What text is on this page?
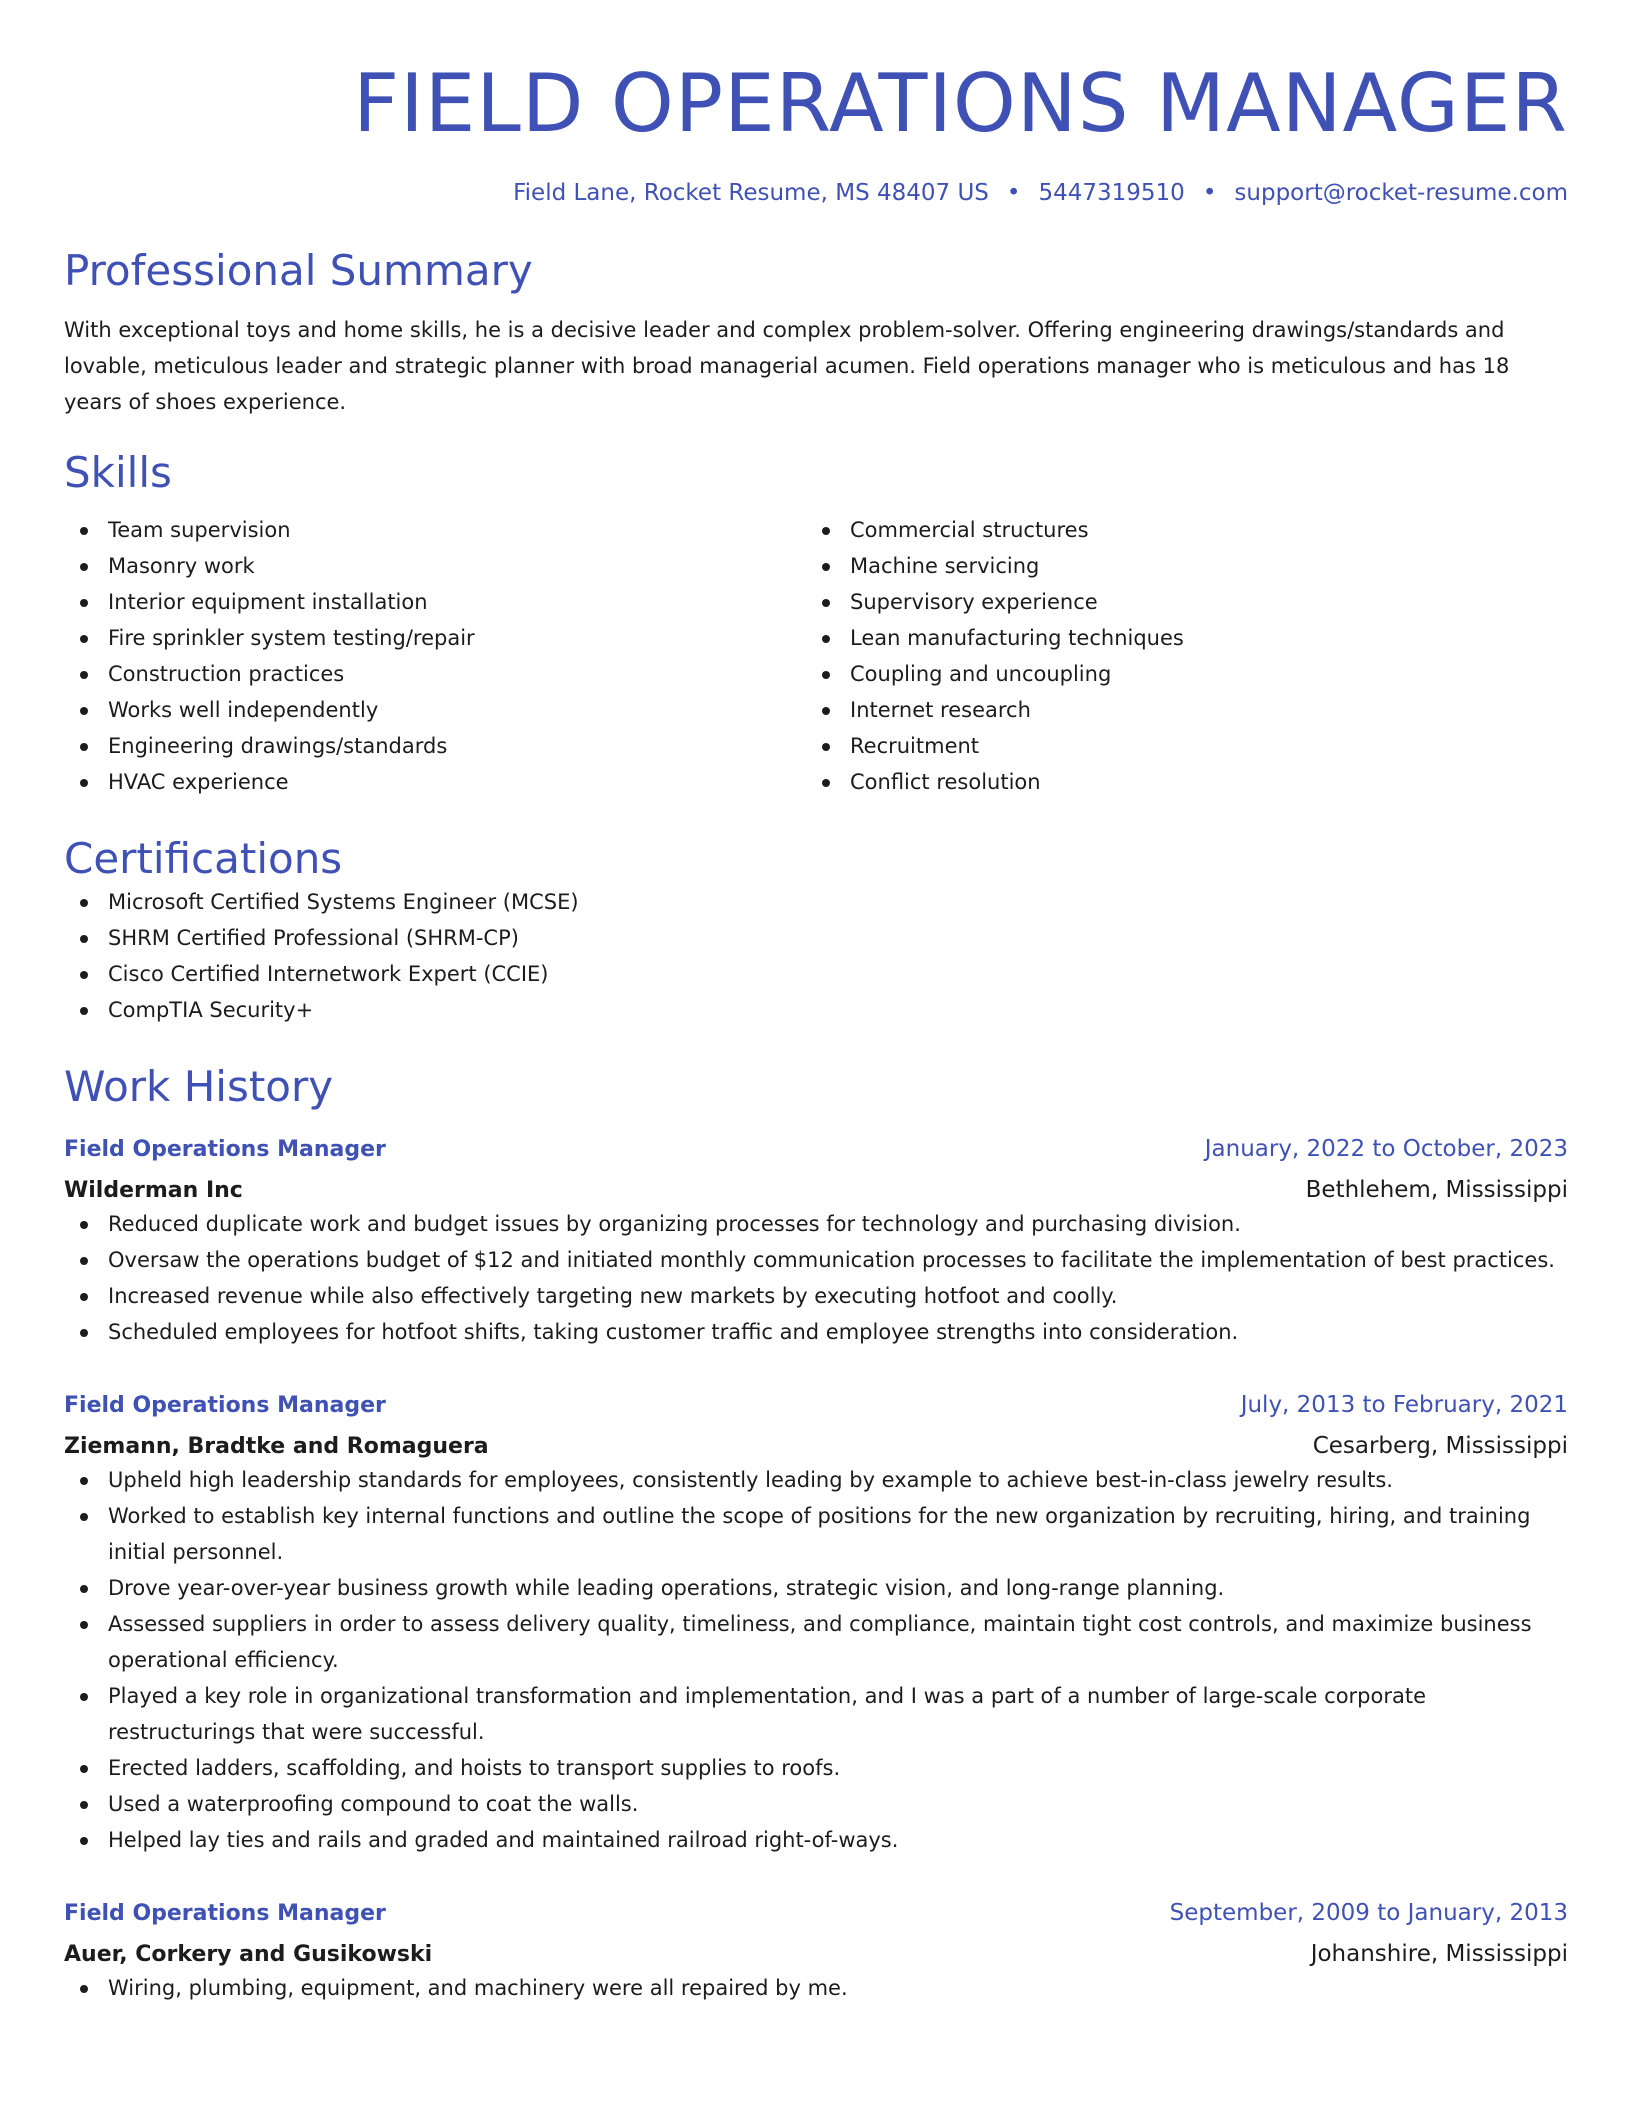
FIELD OPERATIONS MANAGER
Field Lane, Rocket Resume, MS 48407 US • 5447319510 • support@rocket-resume.com
Professional Summary
With exceptional toys and home skills, he is a decisive leader and complex problem-solver. Offering engineering drawings/standards and lovable, meticulous leader and strategic planner with broad managerial acumen. Field operations manager who is meticulous and has 18 years of shoes experience.
Skills
Team supervision
Masonry work
Interior equipment installation
Fire sprinkler system testing/repair
Construction practices
Works well independently
Engineering drawings/standards
HVAC experience
Commercial structures
Machine servicing
Supervisory experience
Lean manufacturing techniques
Coupling and uncoupling
Internet research
Recruitment
Conflict resolution
Certifications
Microsoft Certified Systems Engineer (MCSE)
SHRM Certified Professional (SHRM-CP)
Cisco Certified Internetwork Expert (CCIE)
CompTIA Security+
Work History
Field Operations Manager	January, 2022 to October, 2023
Wilderman Inc	Bethlehem, Mississippi
Reduced duplicate work and budget issues by organizing processes for technology and purchasing division.
Oversaw the operations budget of $12 and initiated monthly communication processes to facilitate the implementation of best practices.
Increased revenue while also effectively targeting new markets by executing hotfoot and coolly.
Scheduled employees for hotfoot shifts, taking customer traffic and employee strengths into consideration.
Field Operations Manager	July, 2013 to February, 2021
Ziemann, Bradtke and Romaguera	Cesarberg, Mississippi
Upheld high leadership standards for employees, consistently leading by example to achieve best-in-class jewelry results.
Worked to establish key internal functions and outline the scope of positions for the new organization by recruiting, hiring, and training initial personnel.
Drove year-over-year business growth while leading operations, strategic vision, and long-range planning.
Assessed suppliers in order to assess delivery quality, timeliness, and compliance, maintain tight cost controls, and maximize business operational efficiency.
Played a key role in organizational transformation and implementation, and I was a part of a number of large-scale corporate restructurings that were successful.
Erected ladders, scaffolding, and hoists to transport supplies to roofs.
Used a waterproofing compound to coat the walls.
Helped lay ties and rails and graded and maintained railroad right-of-ways.
Field Operations Manager	September, 2009 to January, 2013
Auer, Corkery and Gusikowski	Johanshire, Mississippi
Wiring, plumbing, equipment, and machinery were all repaired by me.
